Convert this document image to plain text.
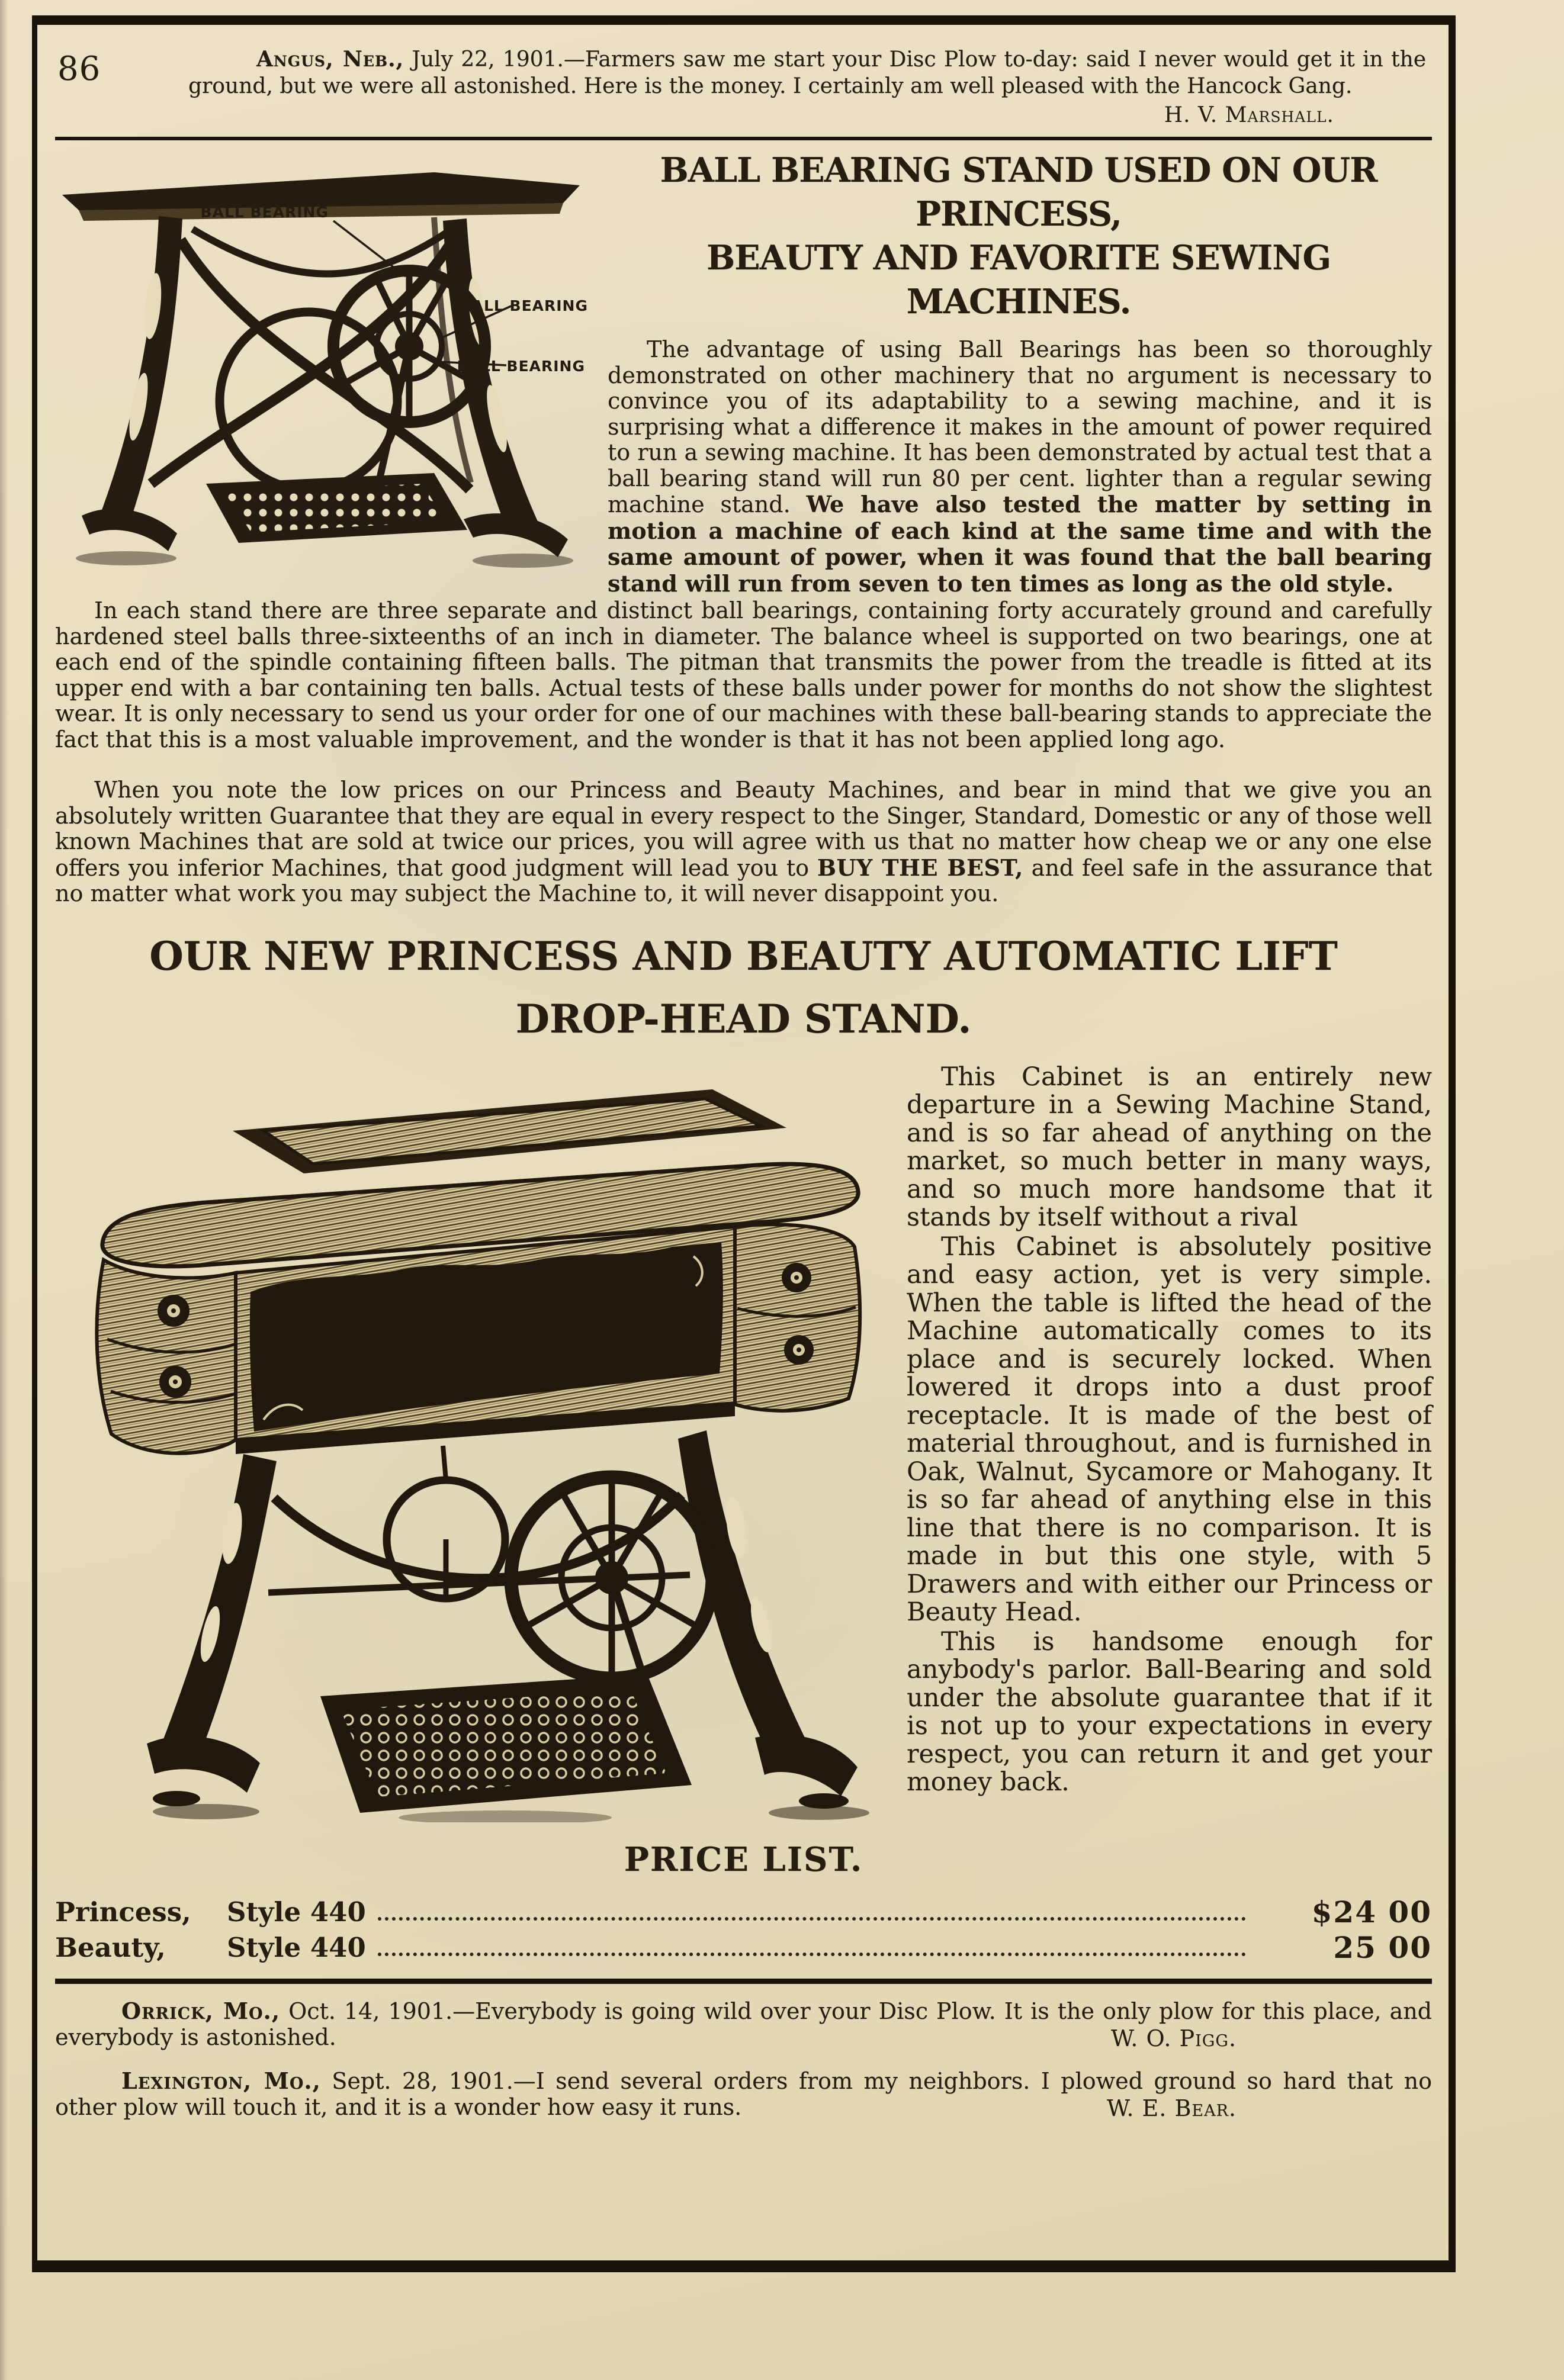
86	Angus, Neb., July 22, 1901.—Farmers saw me start your Disc Plow to-day: said I never would get it in the ground, but we were all astonished. Here is the money. I certainly am well pleased with the Hancock Gang.
H. V. Marshall.
BALL BEARING
BALL BEARING
BALL BEARING
BALL BEARING STAND USED ON OUR PRINCESS,
BEAUTY AND FAVORITE SEWING MACHINES.

The advantage of using Ball Bearings has been so thoroughly demonstrated on other machinery that no argument is necessary to convince you of its adaptability to a sewing machine, and it is surprising what a difference it makes in the amount of power required to run a sewing machine. It has been demonstrated by actual test that a ball bearing stand will run 80 per cent. lighter than a regular sewing machine stand. We have also tested the matter by setting in motion a machine of each kind at the same time and with the same amount of power, when it was found that the ball bearing stand will run from seven to ten times as long as the old style.

In each stand there are three separate and distinct ball bearings, containing forty accurately ground and carefully hardened steel balls three-sixteenths of an inch in diameter. The balance wheel is supported on two bearings, one at each end of the spindle containing fifteen balls. The pitman that transmits the power from the treadle is fitted at its upper end with a bar containing ten balls. Actual tests of these balls under power for months do not show the slightest wear. It is only necessary to send us your order for one of our machines with these ball-bearing stands to appreciate the fact that this is a most valuable improvement, and the wonder is that it has not been applied long ago.

When you note the low prices on our Princess and Beauty Machines, and bear in mind that we give you an absolutely written Guarantee that they are equal in every respect to the Singer, Standard, Domestic or any of those well known Machines that are sold at twice our prices, you will agree with us that no matter how cheap we or any one else offers you inferior Machines, that good judgment will lead you to BUY THE BEST, and feel safe in the assurance that no matter what work you may subject the Machine to, it will never disappoint you.

OUR NEW PRINCESS AND BEAUTY AUTOMATIC LIFT
DROP-HEAD STAND.

This Cabinet is an entirely new departure in a Sewing Machine Stand, and is so far ahead of anything on the market, so much better in many ways, and so much more handsome that it stands by itself without a rival

This Cabinet is absolutely positive and easy action, yet is very simple. When the table is lifted the head of the Machine automatically comes to its place and is securely locked. When lowered it drops into a dust proof receptacle. It is made of the best of material throughout, and is furnished in Oak, Walnut, Sycamore or Mahogany. It is so far ahead of anything else in this line that there is no comparison. It is made in but this one style, with 5 Drawers and with either our Princess or Beauty Head.

This is handsome enough for anybody's parlor. Ball-Bearing and sold under the absolute guarantee that if it is not up to your expectations in every respect, you can return it and get your money back.

PRICE LIST.
Princess,	Style 440	$24 00
Beauty,	Style 440	25 00

Orrick, Mo., Oct. 14, 1901.—Everybody is going wild over your Disc Plow. It is the only plow for this place, and everybody is astonished.	W. O. Pigg.

Lexington, Mo., Sept. 28, 1901.—I send several orders from my neighbors. I plowed ground so hard that no other plow will touch it, and it is a wonder how easy it runs.	W. E. Bear.
